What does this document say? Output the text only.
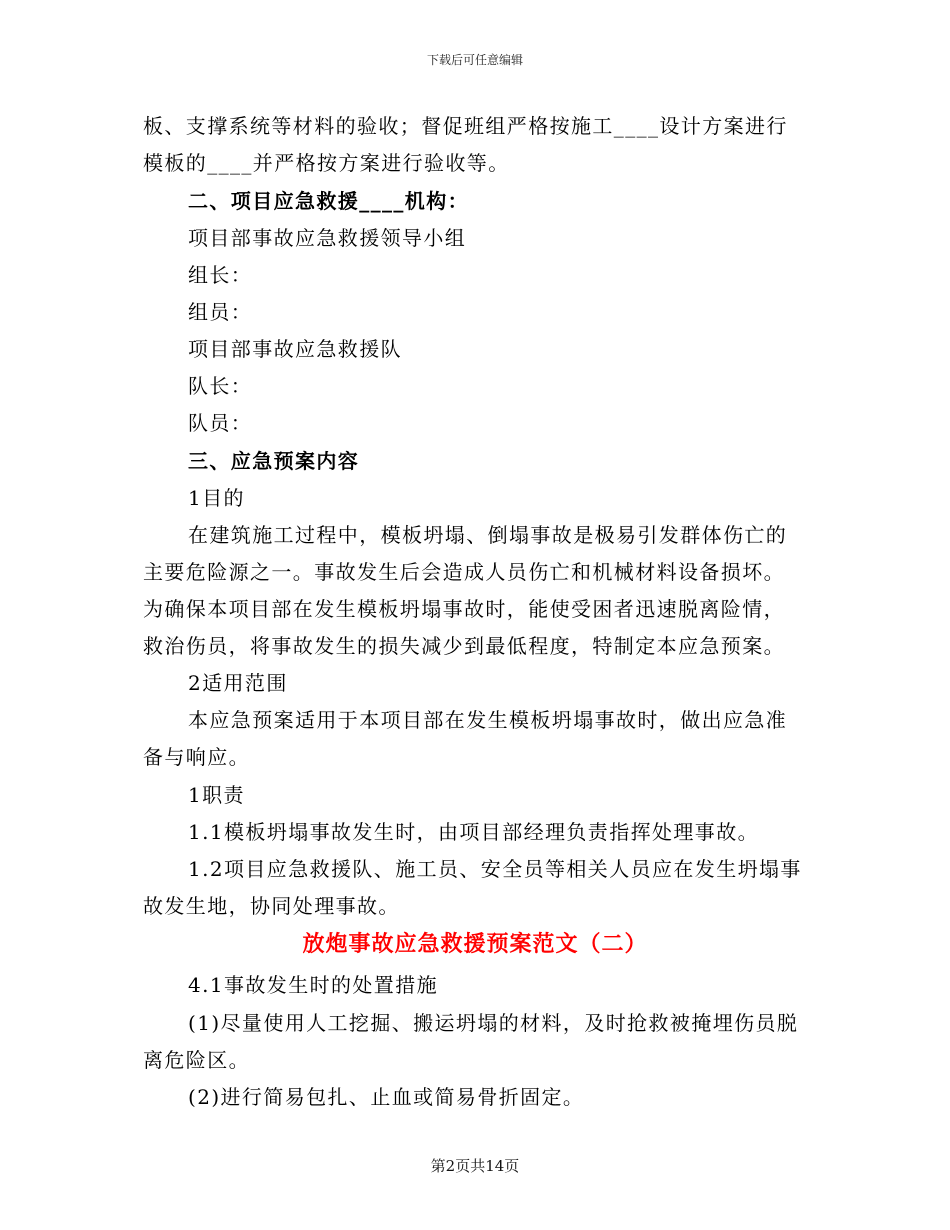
下载后可任意编辑
板、支撑系统等材料的验收；督促班组严格按施工____设计方案进行
模板的____并严格按方案进行验收等。
二、项目应急救援____机构：
项目部事故应急救援领导小组
组长：
组员：
项目部事故应急救援队
队长：
队员：
三、应急预案内容
1目的
在建筑施工过程中，模板坍塌、倒塌事故是极易引发群体伤亡的
主要危险源之一。事故发生后会造成人员伤亡和机械材料设备损坏。
为确保本项目部在发生模板坍塌事故时，能使受困者迅速脱离险情，
救治伤员，将事故发生的损失减少到最低程度，特制定本应急预案。
2适用范围
本应急预案适用于本项目部在发生模板坍塌事故时，做出应急准
备与响应。
1职责
1.1模板坍塌事故发生时，由项目部经理负责指挥处理事故。
1.2项目应急救援队、施工员、安全员等相关人员应在发生坍塌事
故发生地，协同处理事故。
放炮事故应急救援预案范文（二）
4.1事故发生时的处置措施
(1)尽量使用人工挖掘、搬运坍塌的材料，及时抢救被掩埋伤员脱
离危险区。
(2)进行简易包扎、止血或简易骨折固定。
第2页共14页
